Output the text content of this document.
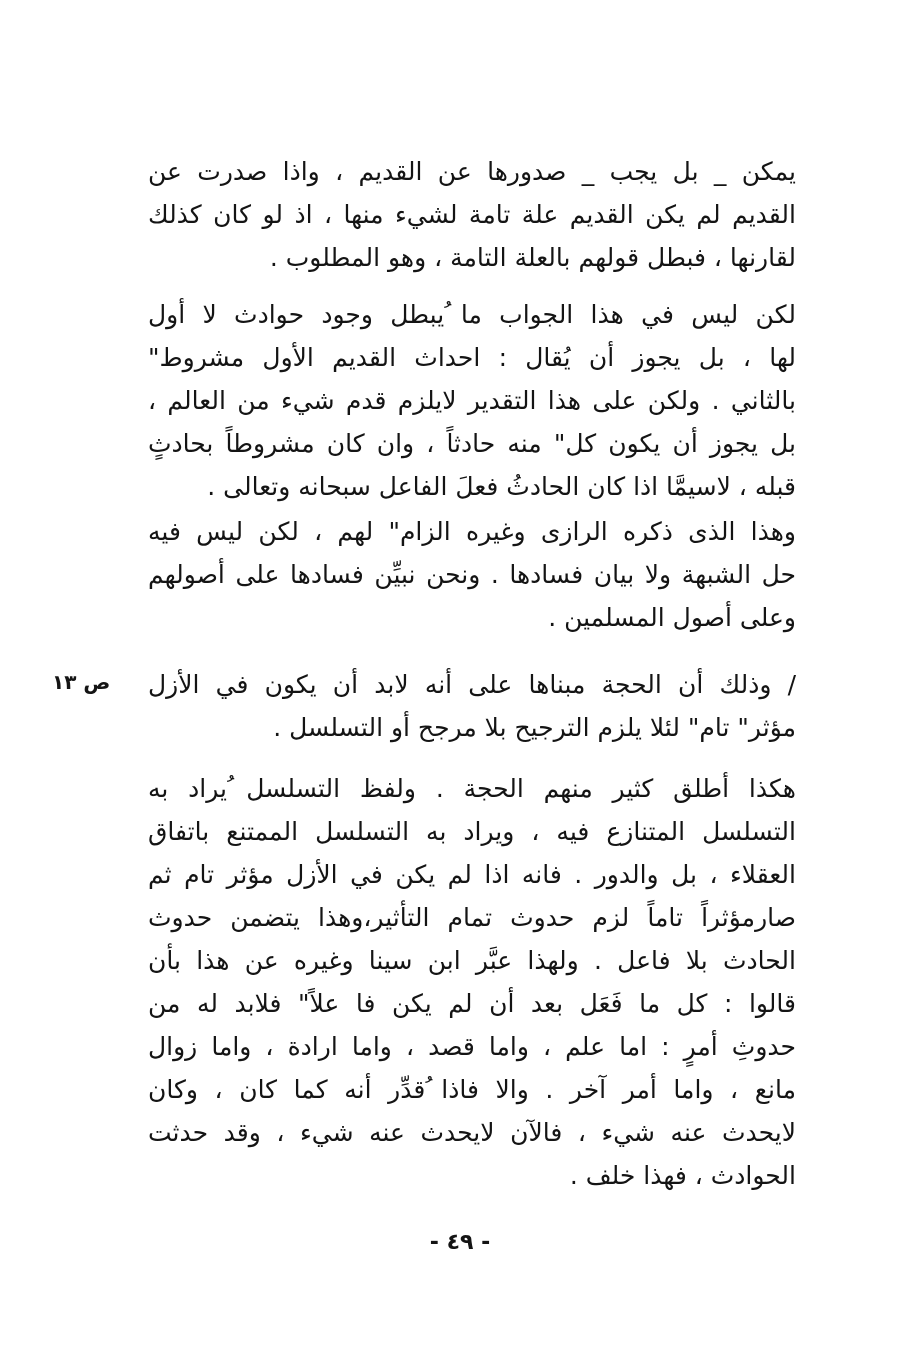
يمكن _ بل يجب _ صدورها عن القديم ، واذا صدرت عن
القديم لم يكن القديم علة تامة لشيء منها ، اذ لو كان كذلك
لقارنها ، فبطل قولهم بالعلة التامة ، وهو المطلوب .
لكن ليس في هذا الجواب ما ُيبطل وجود حوادث لا أول
لها ، بل يجوز أن يُقال : احداث القديم الأول مشروط"
بالثاني . ولكن على هذا التقدير لايلزم قدم شيء من العالم ،
بل يجوز أن يكون كل" منه حادثاً ، وان كان مشروطاً بحادثٍ
قبله ، لاسيمَّا اذا كان الحادثُ فعلَ الفاعل سبحانه وتعالى .
وهذا الذى ذكره الرازى وغيره الزام" لهم ، لكن ليس فيه
حل الشبهة ولا بيان فسادها . ونحن نبيِّن فسادها على أصولهم
وعلى أصول المسلمين .
/ وذلك أن الحجة مبناها على أنه لابد أن يكون في الأزل
مؤثر" تام" لئلا يلزم الترجيح بلا مرجح أو التسلسل .
ص ١٣
هكذا أطلق كثير منهم الحجة . ولفظ التسلسل ُيراد به
التسلسل المتنازع فيه ، ويراد به التسلسل الممتنع باتفاق
العقلاء ، بل والدور . فانه اذا لم يكن في الأزل مؤثر تام ثم
صارمؤثراً تاماً لزم حدوث تمام التأثير،وهذا يتضمن حدوث
الحادث بلا فاعل . ولهذا عبَّر ابن سينا وغيره عن هذا بأن
قالوا : كل ما فَعَل بعد أن لم يكن فا علاً" فلابد له من
حدوثِ أمرٍ : اما علم ، واما قصد ، واما ارادة ، واما زوال
مانع ، واما أمر آخر . والا فاذا ُقدِّر أنه كما كان ، وكان
لايحدث عنه شيء ، فالآن لايحدث عنه شيء ، وقد حدثت
الحوادث ، فهذا خلف .
- ٤٩ -
